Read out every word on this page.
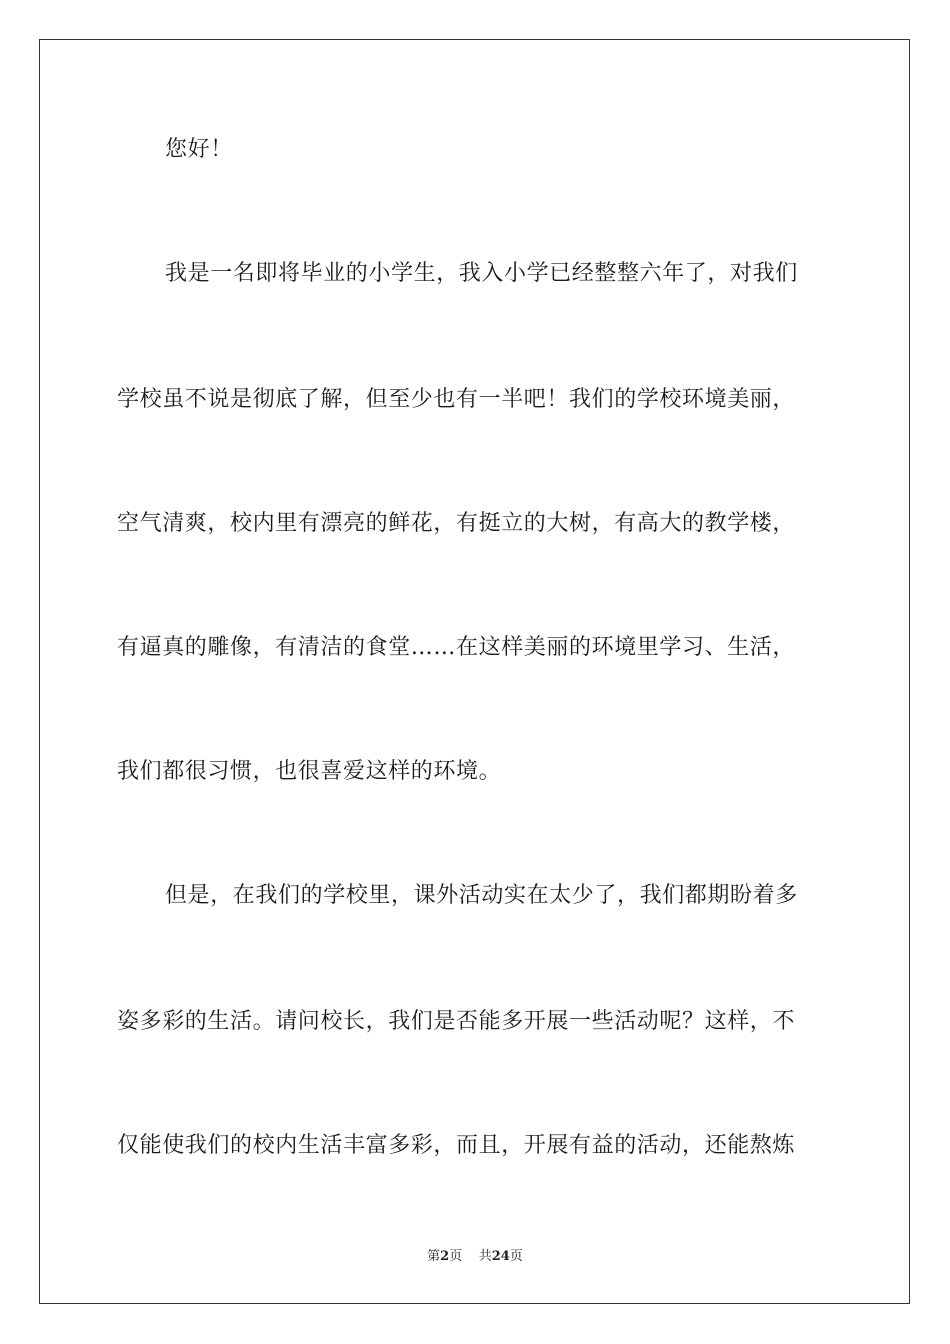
您好！
我是一名即将毕业的小学生，我入小学已经整整六年了，对我们
学校虽不说是彻底了解，但至少也有一半吧！我们的学校环境美丽，
空气清爽，校内里有漂亮的鲜花，有挺立的大树，有高大的教学楼，
有逼真的雕像，有清洁的食堂……在这样美丽的环境里学习、生活，
我们都很习惯，也很喜爱这样的环境。
但是，在我们的学校里，课外活动实在太少了，我们都期盼着多
姿多彩的生活。请问校长，我们是否能多开展一些活动呢？这样，不
仅能使我们的校内生活丰富多彩，而且，开展有益的活动，还能熬炼
第2页 共24页
